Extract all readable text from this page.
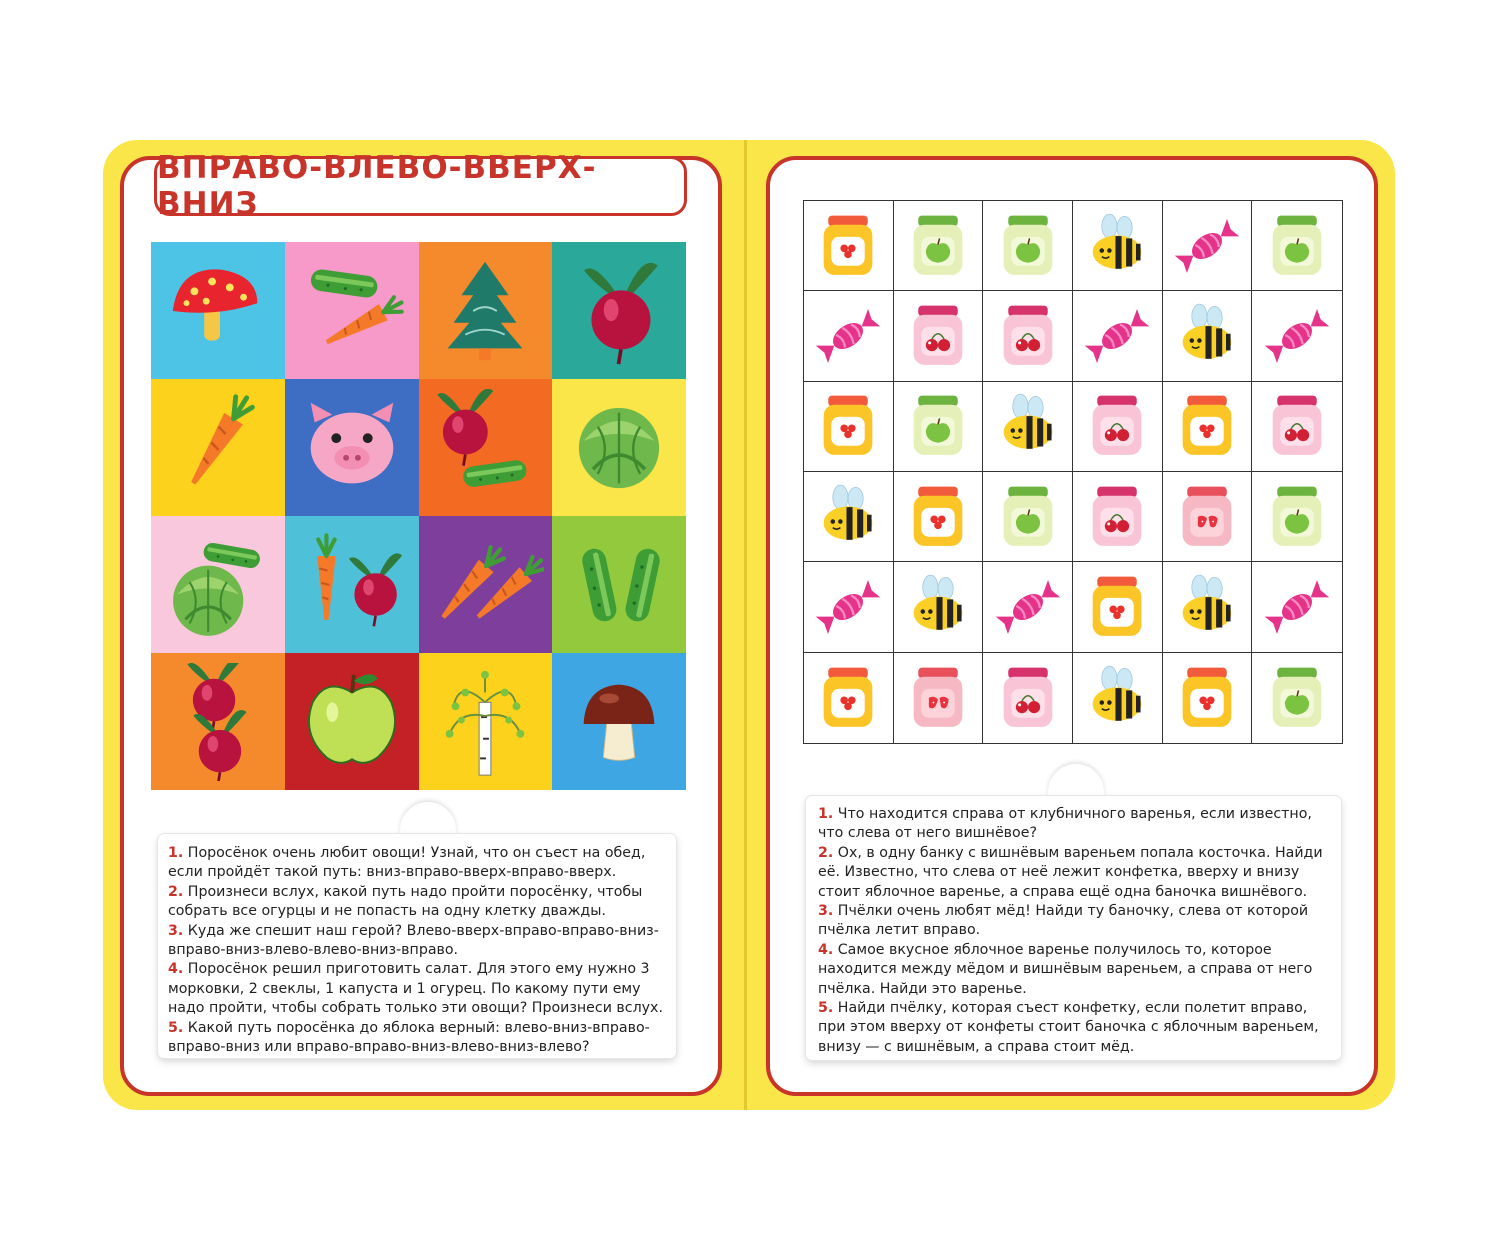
ВПРАВО-ВЛЕВО-ВВЕРХ-ВНИЗ

1. Поросёнок очень любит овощи! Узнай, что он съест на обед, если пройдёт такой путь: вниз-вправо-вверх-вправо-вверх.

2. Произнеси вслух, какой путь надо пройти поросёнку, чтобы собрать все огурцы и не попасть на одну клетку дважды.

3. Куда же спешит наш герой? Влево-вверх-вправо-вправо-вниз-вправо-вниз-влево-влево-вниз-вправо.

4. Поросёнок решил приготовить салат. Для этого ему нужно 3 морковки, 2 свеклы, 1 капуста и 1 огурец. По какому пути ему надо пройти, чтобы собрать только эти овощи? Произнеси вслух.

5. Какой путь поросёнка до яблока верный: влево-вниз-вправо-вправо-вниз или вправо-вправо-вниз-влево-вниз-влево?

1. Что находится справа от клубничного варенья, если известно, что слева от него вишнёвое?

2. Ох, в одну банку с вишнёвым вареньем попала косточка. Найди её. Известно, что слева от неё лежит конфетка, вверху и внизу стоит яблочное варенье, а справа ещё одна баночка вишнёвого.

3. Пчёлки очень любят мёд! Найди ту баночку, слева от которой пчёлка летит вправо.

4. Самое вкусное яблочное варенье получилось то, которое находится между мёдом и вишнёвым вареньем, а справа от него пчёлка. Найди это варенье.

5. Найди пчёлку, которая съест конфетку, если полетит вправо, при этом вверху от конфеты стоит баночка с яблочным вареньем, внизу — с вишнёвым, а справа стоит мёд.
